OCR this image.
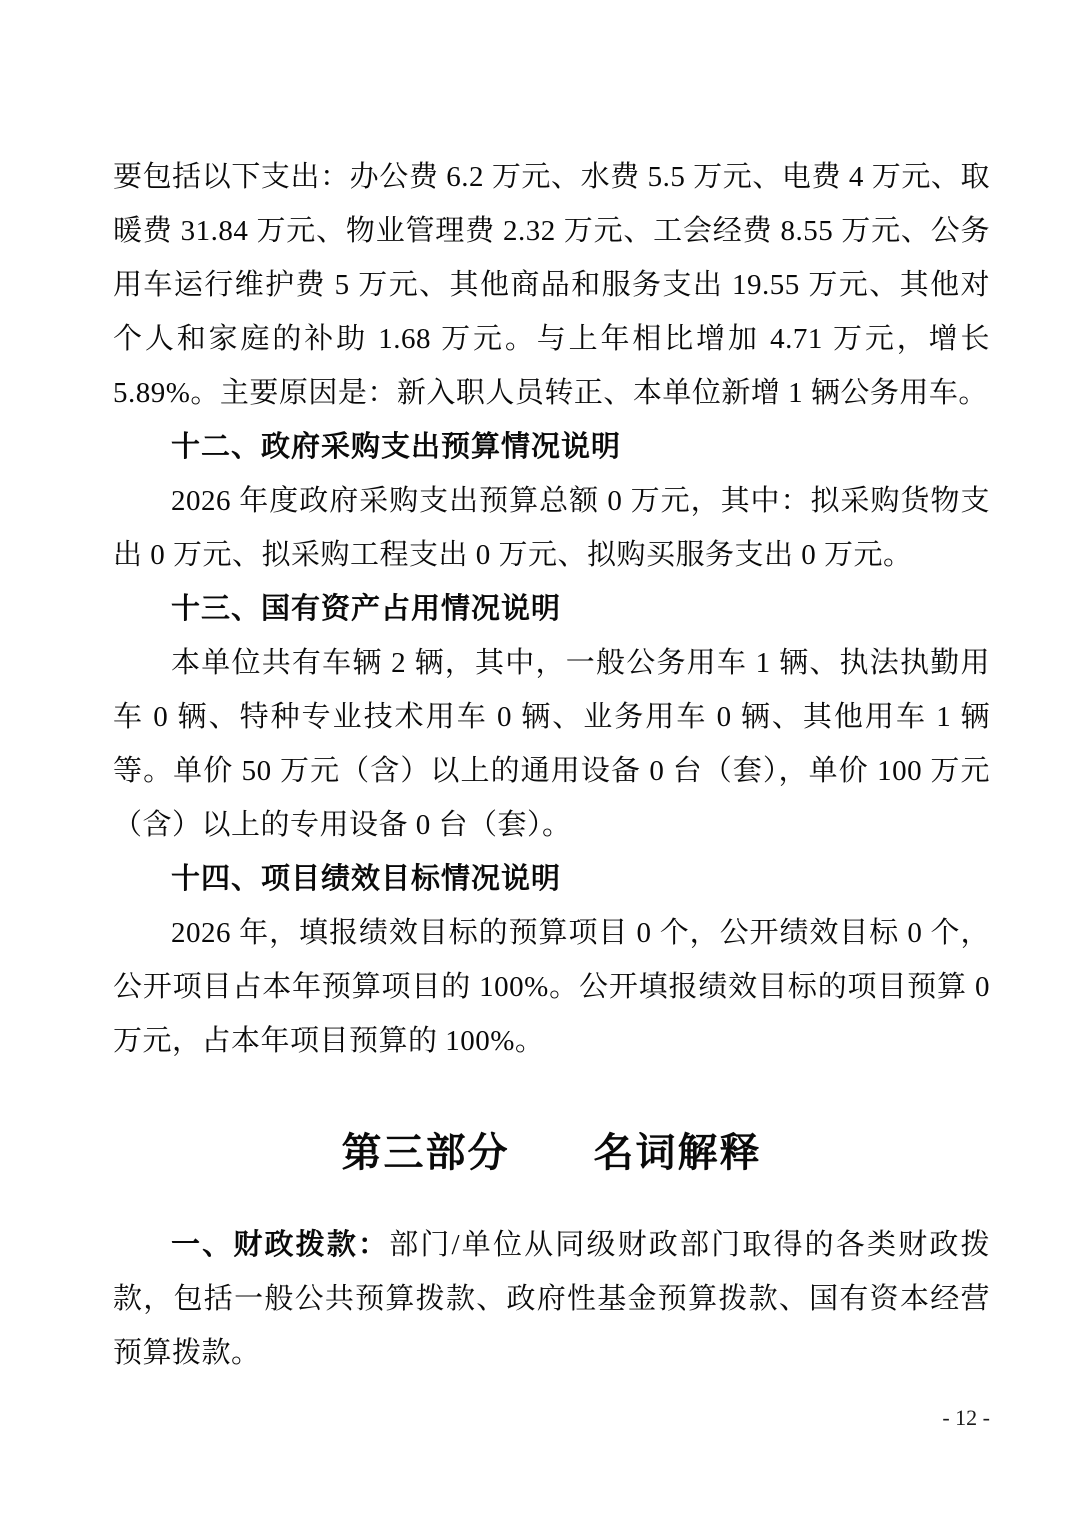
要包括以下支出：办公费 6.2 万元、水费 5.5 万元、电费 4 万元、取暖费 31.84 万元、物业管理费 2.32 万元、工会经费 8.55 万元、公务用车运行维护费 5 万元、其他商品和服务支出 19.55 万元、其他对个人和家庭的补助 1.68 万元。与上年相比增加 4.71 万元，增长 5.89%。主要原因是：新入职人员转正、本单位新增 1 辆公务用车。

十二、政府采购支出预算情况说明

2026 年度政府采购支出预算总额 0 万元，其中：拟采购货物支出 0 万元、拟采购工程支出 0 万元、拟购买服务支出 0 万元。

十三、国有资产占用情况说明

本单位共有车辆 2 辆，其中，一般公务用车 1 辆、执法执勤用车 0 辆、特种专业技术用车 0 辆、业务用车 0 辆、其他用车 1 辆等。单价 50 万元（含）以上的通用设备 0 台（套），单价 100 万元（含）以上的专用设备 0 台（套）。

十四、项目绩效目标情况说明

2026 年，填报绩效目标的预算项目 0 个，公开绩效目标 0 个，公开项目占本年预算项目的 100%。公开填报绩效目标的项目预算 0 万元，占本年项目预算的 100%。

第三部分　　名词解释

一、财政拨款：部门/单位从同级财政部门取得的各类财政拨款，包括一般公共预算拨款、政府性基金预算拨款、国有资本经营预算拨款。

- 12 -
